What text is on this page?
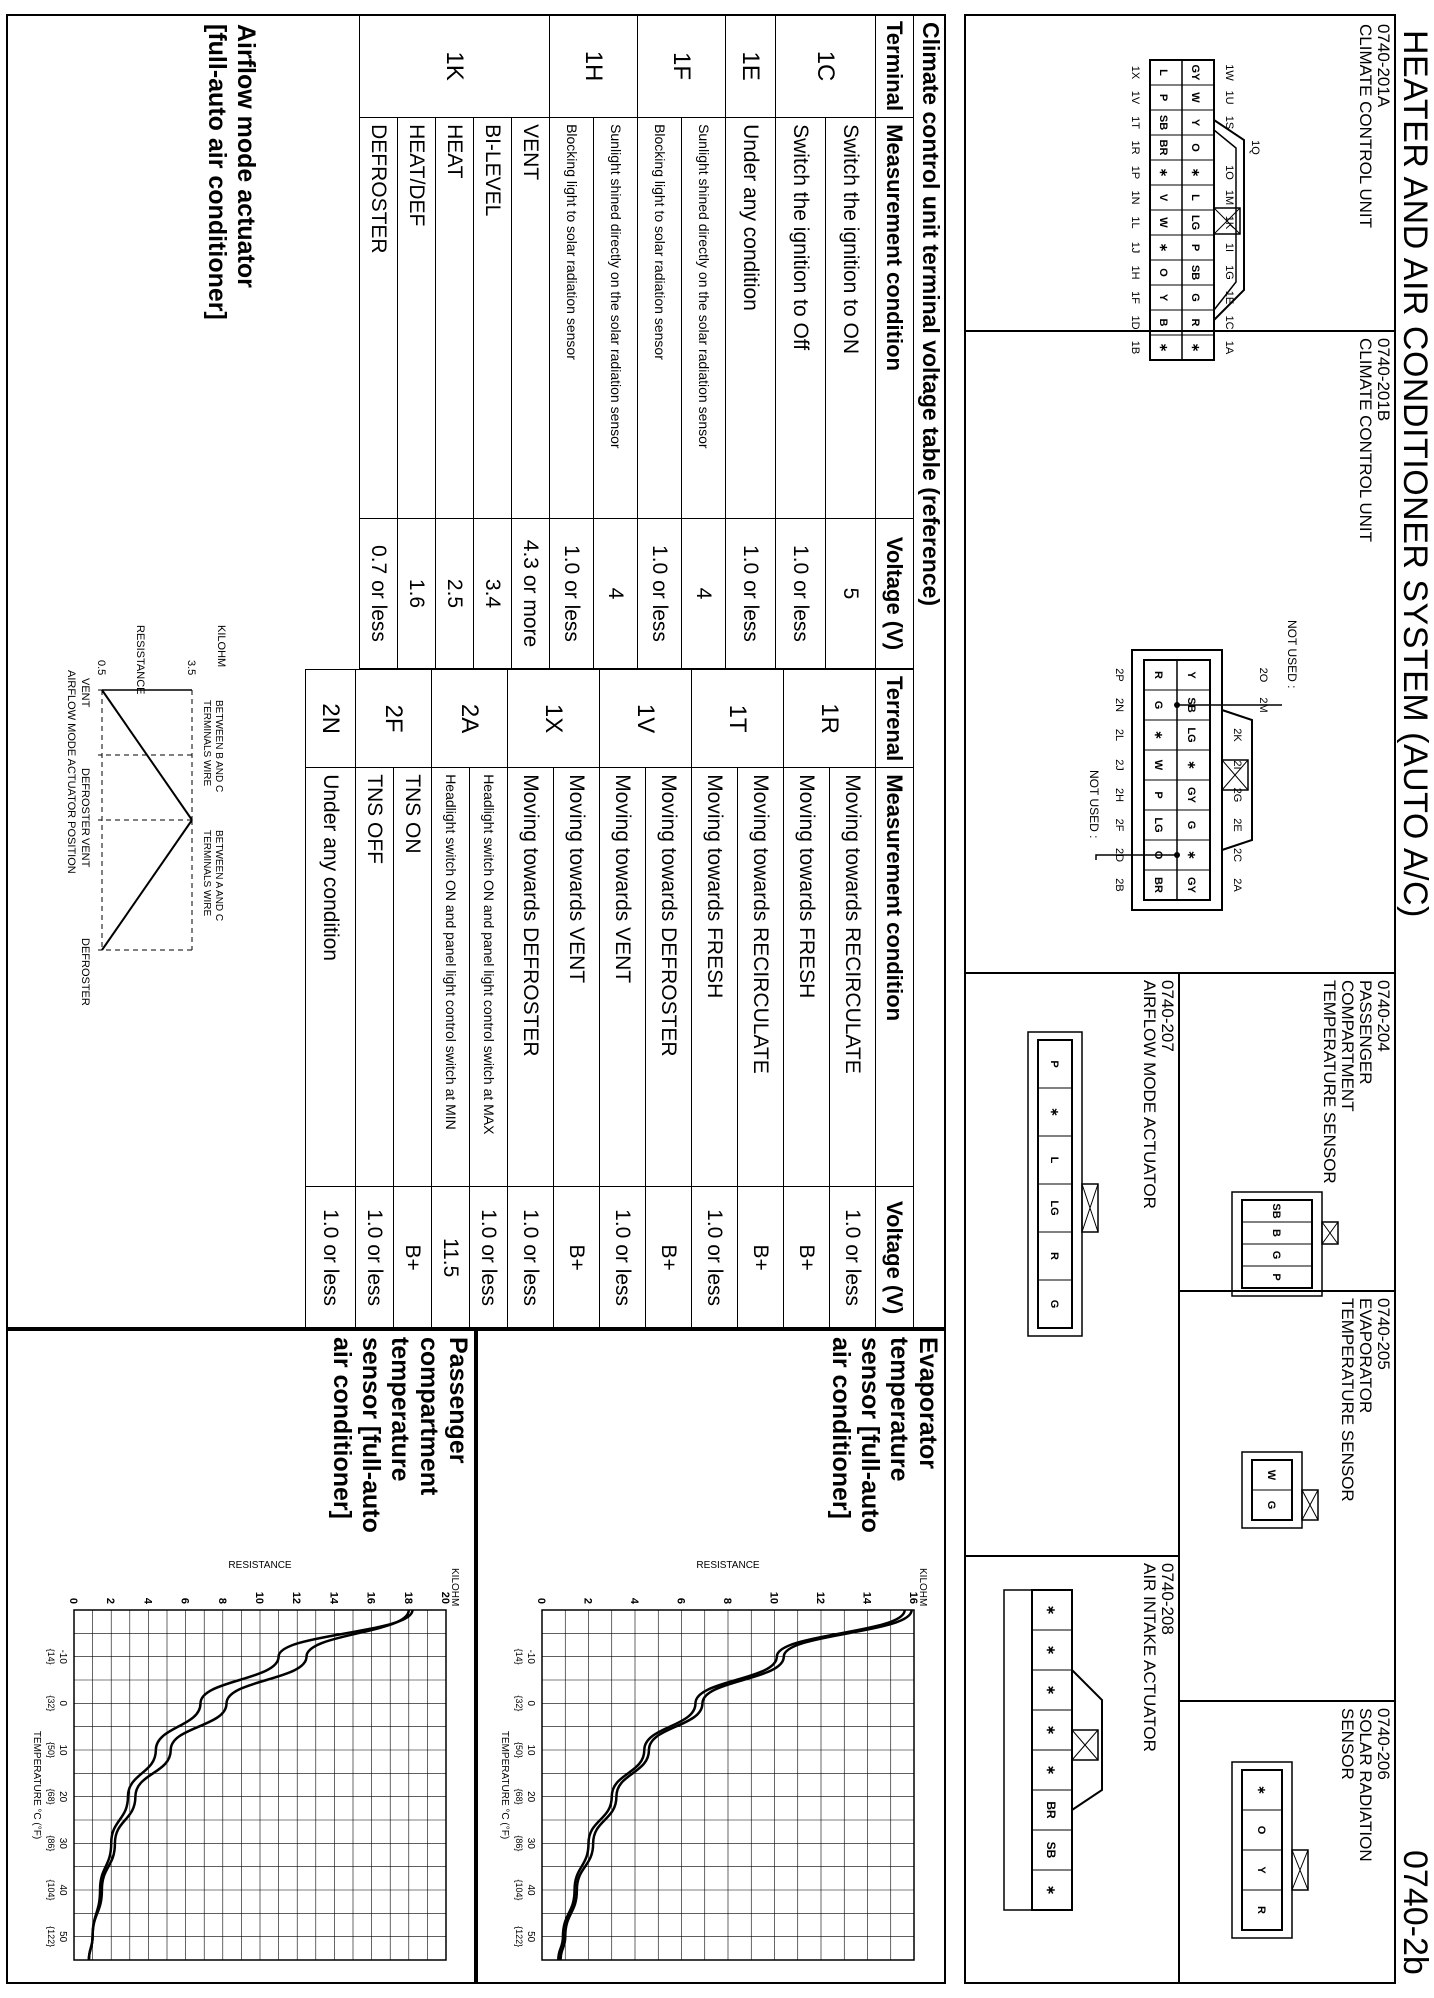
HEATER AND AIR CONDITIONER SYSTEM (AUTO A/C)
0740-2b
0740-201A
CLIMATE CONTROL UNIT
GY
L	1W
1X
W
P	1U
1V
Y
SB	1S
1T
O
BR	1Q
1R
∗
∗	1O
1P
L
V	1M
1N
LG
W	1K
1L
P
∗	1I
1J
SB
O	1G
1H
G
Y	1E
1F
R
B	1C
1D
∗
∗	1A
1B	0740-201B
CLIMATE CONTROL UNIT
Y
R	2O
2P
SB
G	2M
2N
LG
∗	2K
2L
∗
W	2I
2J
GY
P	2G
2H
G
LG	2E
2F
∗
O	2C
2D
GY
BR	2A
2B
NOT USED :
NOT USED :
0740-204
PASSENGER
COMPARTMENT
TEMPERATURE SENSOR
SB
B
G
P
0740-205
EVAPORATOR
TEMPERATURE SENSOR
W
G
0740-206
SOLAR RADIATION
SENSOR
∗
O
Y
R
0740-207
AIRFLOW MODE ACTUATOR
P
∗
L
LG
R
G
0740-208
AIR INTAKE ACTUATOR
∗
∗
∗
∗
∗
BR
SB
∗
Climate control unit terminal voltage table (reference)
Terminal	Measurement condition	Voltage (V)
1C	Switch the ignition to ON	5
	Switch the ignition to Off	1.0 or less
1E	Under any condition	1.0 or less
1F	Sunlight shined directly on the solar radiation sensor	4
	Blocking light to solar radiation sensor	1.0 or less
1H	Sunlight shined directly on the solar radiation sensor	4
	Blocking light to solar radiation sensor	1.0 or less
1K	VENT	4.3 or more
	BI-LEVEL	3.4
	HEAT	2.5
	HEAT/DEF	1.6
	DEFROSTER	0.7 or less
Terrenal	Measurement condition	Voltage (V)
1R	Moving towards RECIRCULATE	1.0 or less
	Moving towards FRESH	B+
1T	Moving towards RECIRCULATE	B+
	Moving towards FRESH	1.0 or less
1V	Moving towards DEFROSTER	B+
	Moving towards VENT	1.0 or less
1X	Moving towards VENT	B+
	Moving towards DEFROSTER	1.0 or less
2A	Headlight switch ON and panel light control switch at MAX	1.0 or less
	Headlight switch ON and panel light control switch at MIN	11.5
2F	TNS ON	B+
	TNS OFF	1.0 or less
2N	Under any condition	1.0 or less
Airflow mode actuator
[full-auto air conditioner]
KILOHM
RESISTANCE	3.5
0.5
BETWEEN B AND C
TERMINALS WIRE
BETWEEN A AND C
TERMINALS WIRE
VENT
DEFROSTER
VENT
DEFROSTER
AIRFLOW MODE ACTUATOR POSITION
Evaporator
temperature
sensor [full-auto
air conditioner]
0	2	4	6	8	10	12	14	16
-10
{14}
0
{32}
10
{50}
20
{68}
30
{86}
40
{104}
50
{122}
TEMPERATURE °C (°F)
KILOHM
RESISTANCE
Passenger
compartment
temperature
sensor [full-auto
air conditioner]
0 2 4 6 8 10 12 14 16 18 20
-10
{14}
0
{32}
10
{50}
20
{68}
30
{86}
40
{104}
50
{122}
TEMPERATURE °C (°F)
KILOHM
RESISTANCE
